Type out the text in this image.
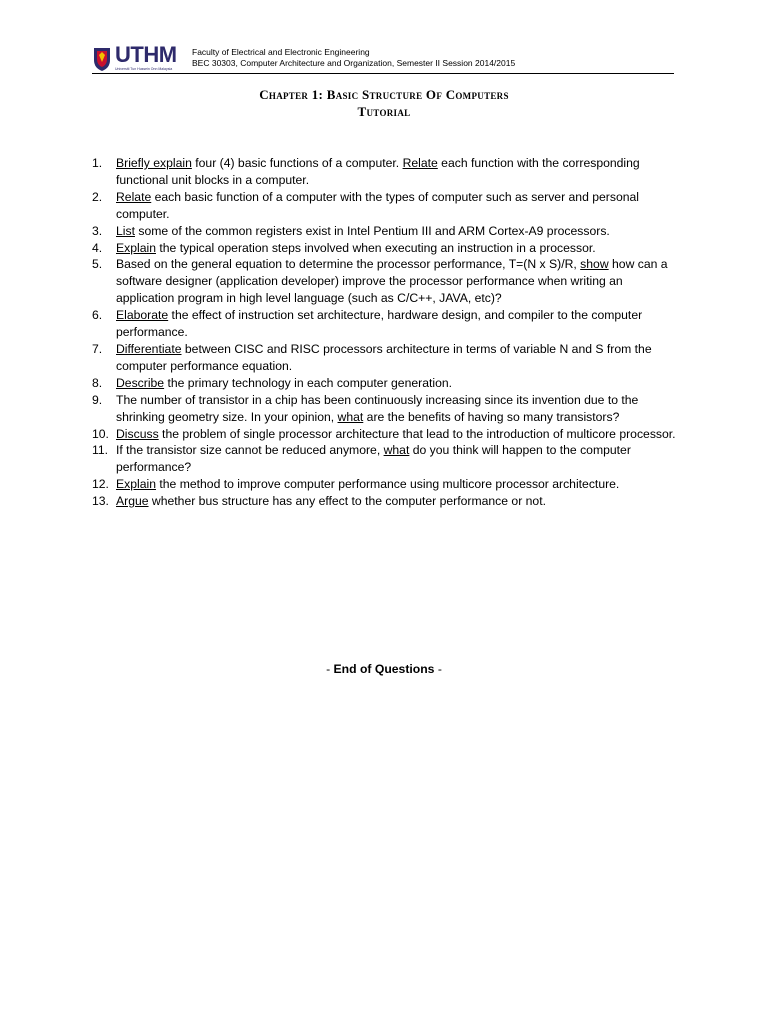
UTHM
Universiti Tun Hussein Onn Malaysia
Faculty of Electrical and Electronic Engineering
BEC 30303, Computer Architecture and Organization, Semester II Session 2014/2015
Chapter 1: Basic Structure Of Computers
Tutorial
1. Briefly explain four (4) basic functions of a computer. Relate each function with the corresponding functional unit blocks in a computer.
2. Relate each basic function of a computer with the types of computer such as server and personal computer.
3. List some of the common registers exist in Intel Pentium III and ARM Cortex-A9 processors.
4. Explain the typical operation steps involved when executing an instruction in a processor.
5. Based on the general equation to determine the processor performance, T=(N x S)/R, show how can a software designer (application developer) improve the processor performance when writing an application program in high level language (such as C/C++, JAVA, etc)?
6. Elaborate the effect of instruction set architecture, hardware design, and compiler to the computer performance.
7. Differentiate between CISC and RISC processors architecture in terms of variable N and S from the computer performance equation.
8. Describe the primary technology in each computer generation.
9. The number of transistor in a chip has been continuously increasing since its invention due to the shrinking geometry size. In your opinion, what are the benefits of having so many transistors?
10. Discuss the problem of single processor architecture that lead to the introduction of multicore processor.
11. If the transistor size cannot be reduced anymore, what do you think will happen to the computer performance?
12. Explain the method to improve computer performance using multicore processor architecture.
13. Argue whether bus structure has any effect to the computer performance or not.
- End of Questions -
